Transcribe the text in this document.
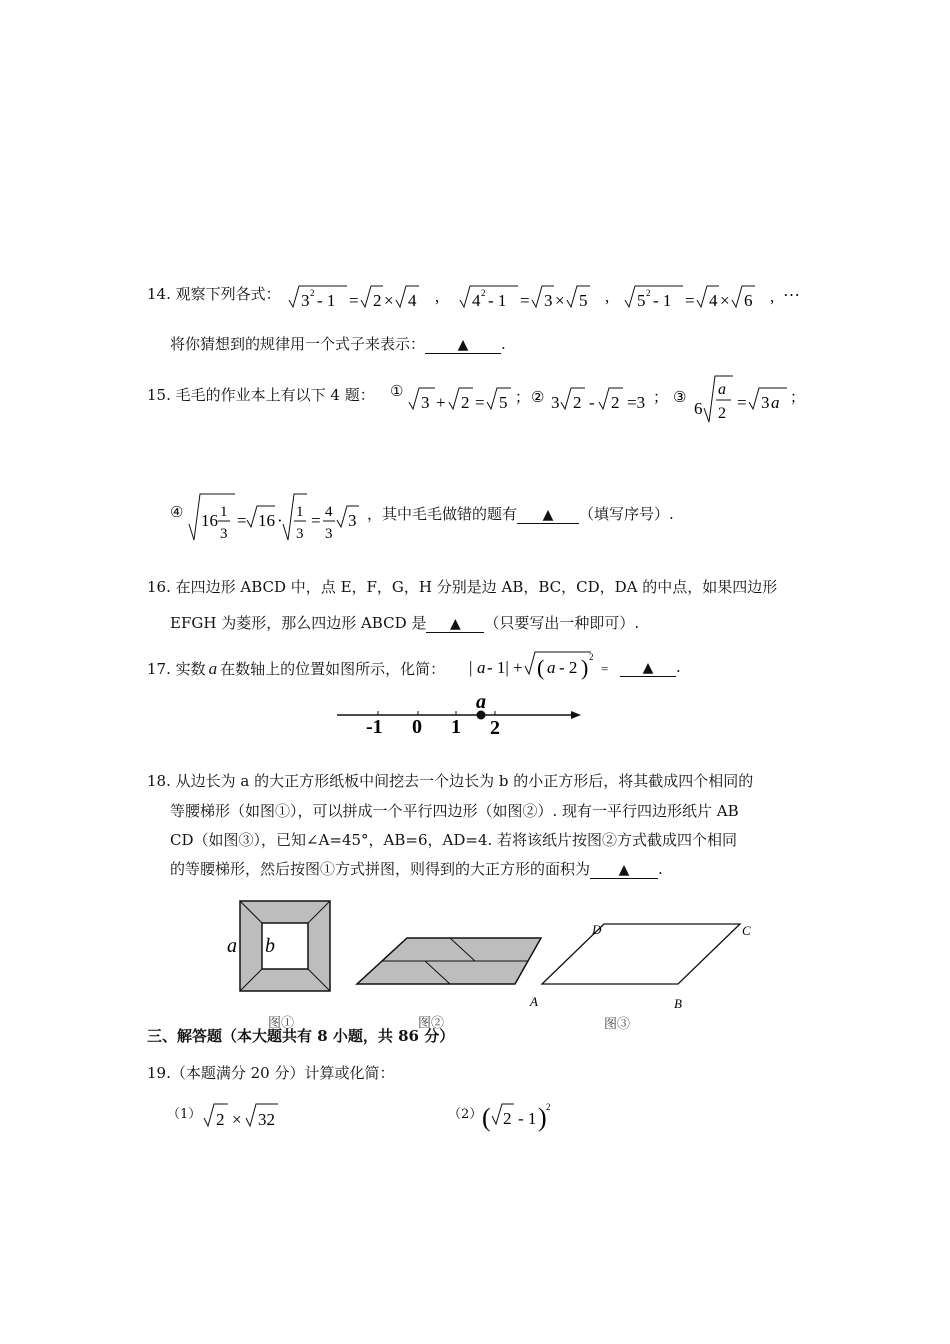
14. 观察下列各式： 3 2 - 1 = 2 × 4 , 4 2 - 1 = 3 × 5 , 5 2 - 1 = 4 × 6 , …
将你猜想到的规律用一个式子来表示： ▲ .
15. 毛毛的作业本上有以下 4 题： ①
3 + 2 = 5 ； ② 3 2 - 2 =3 ； ③
6
a
2
= 3 a ；
④ 16 1
3
= 16 · 1
3
= 4
3
3 ，其中毛毛做错的题有 ▲ （填写序号）.
16. 在四边形 ABCD 中，点 E，F，G，H 分别是边 AB，BC，CD，DA 的中点，如果四边形
EFGH 为菱形，那么四边形 ABCD 是 ▲ （只要写出一种即可）.
17. 实数 a 在数轴上的位置如图所示，化简： | a - 1| + ( a - 2 ) 2
=	▲ .
-1 0 1 2
a
18. 从边长为 a 的大正方形纸板中间挖去一个边长为 b 的小正方形后，将其截成四个相同的
等腰梯形（如图①），可以拼成一个平行四边形（如图②）. 现有一平行四边形纸片 AB
CD（如图③），已知∠A=45°，AB=6，AD=4. 若将该纸片按图②方式截成四个相同
的等腰梯形，然后按图①方式拼图，则得到的大正方形的面积为 ▲ .
a b
图①	图②
D	C
A	B
图③
三、解答题（本大题共有 8 小题，共 86 分）
19.（本题满分 20 分）计算或化简：
（1） 2 × 32	（2） ( 2 - 1 ) 2
